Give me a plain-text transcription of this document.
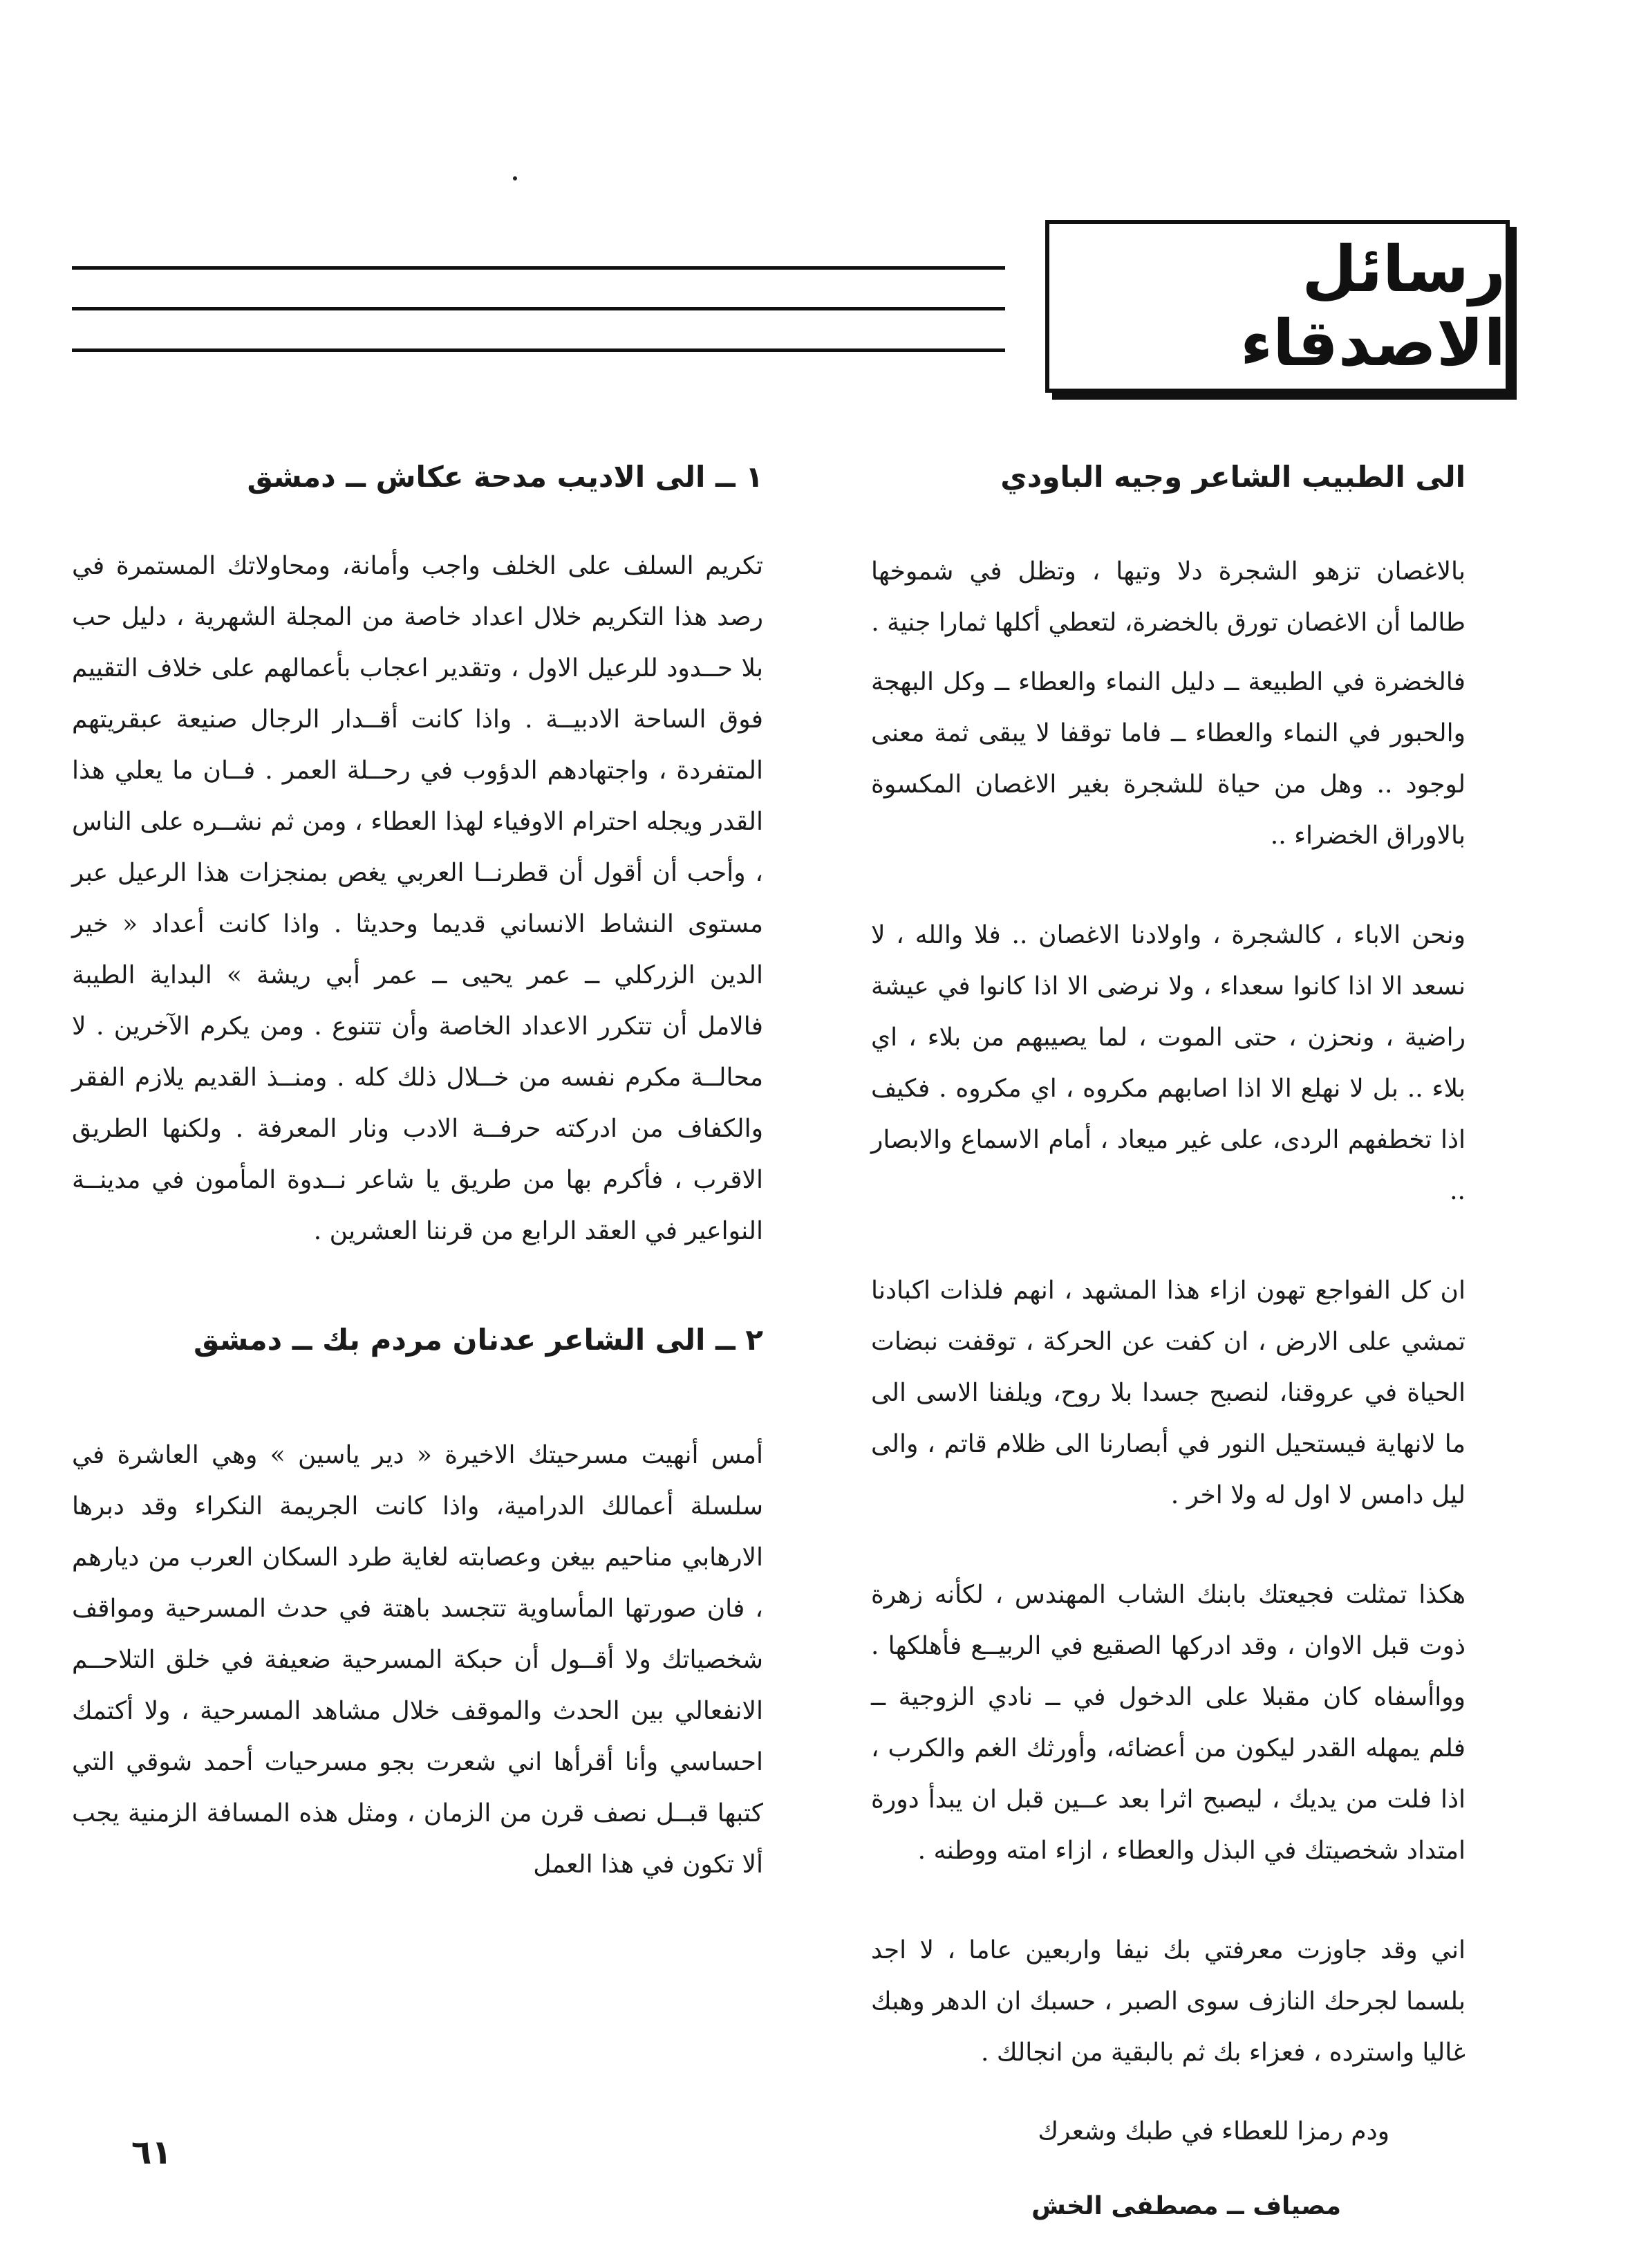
رسائل الاصدقاء
الى الطبيب الشاعر وجيه الباودي

بالاغصان تزهو الشجرة دلا وتيها ، وتظل في شموخها طالما أن الاغصان تورق بالخضرة، لتعطي أكلها ثمارا جنية .

فالخضرة في الطبيعة ــ دليل النماء والعطاء ــ وكل البهجة والحبور في النماء والعطاء ــ فاما توقفا لا يبقى ثمة معنى لوجود .. وهل من حياة للشجرة بغير الاغصان المكسوة بالاوراق الخضراء ..

ونحن الاباء ، كالشجرة ، واولادنا الاغصان .. فلا والله ، لا نسعد الا اذا كانوا سعداء ، ولا نرضى الا اذا كانوا في عيشة راضية ، ونحزن ، حتى الموت ، لما يصيبهم من بلاء ، اي بلاء .. بل لا نهلع الا اذا اصابهم مكروه ، اي مكروه . فكيف اذا تخطفهم الردى، على غير ميعاد ، أمام الاسماع والابصار ..

ان كل الفواجع تهون ازاء هذا المشهد ، انهم فلذات اكبادنا تمشي على الارض ، ان كفت عن الحركة ، توقفت نبضات الحياة في عروقنا، لنصبح جسدا بلا روح، ويلفنا الاسى الى ما لانهاية فيستحيل النور في أبصارنا الى ظلام قاتم ، والى ليل دامس لا اول له ولا اخر .

هكذا تمثلت فجيعتك بابنك الشاب المهندس ، لكأنه زهرة ذوت قبل الاوان ، وقد ادركها الصقيع في الربيــع فأهلكها . وواأسفاه كان مقبلا على الدخول في ــ نادي الزوجية ــ فلم يمهله القدر ليكون من أعضائه، وأورثك الغم والكرب ، اذا فلت من يديك ، ليصبح اثرا بعد عــين قبل ان يبدأ دورة امتداد شخصيتك في البذل والعطاء ، ازاء امته ووطنه .

اني وقد جاوزت معرفتي بك نيفا واربعين عاما ، لا اجد بلسما لجرحك النازف سوى الصبر ، حسبك ان الدهر وهبك غاليا واسترده ، فعزاء بك ثم بالبقية من انجالك .

ودم رمزا للعطاء في طبك وشعرك

مصياف ــ مصطفى الخش

١ ــ الى الاديب مدحة عكاش ــ دمشق

تكريم السلف على الخلف واجب وأمانة، ومحاولاتك المستمرة في رصد هذا التكريم خلال اعداد خاصة من المجلة الشهرية ، دليل حب بلا حــدود للرعيل الاول ، وتقدير اعجاب بأعمالهم على خلاف التقييم فوق الساحة الادبيــة . واذا كانت أقــدار الرجال صنيعة عبقريتهم المتفردة ، واجتهادهم الدؤوب في رحــلة العمر . فــان ما يعلي هذا القدر ويجله احترام الاوفياء لهذا العطاء ، ومن ثم نشــره على الناس ، وأحب أن أقول أن قطرنــا العربي يغص بمنجزات هذا الرعيل عبر مستوى النشاط الانساني قديما وحديثا . واذا كانت أعداد « خير الدين الزركلي ــ عمر يحيى ــ عمر أبي ريشة » البداية الطيبة فالامل أن تتكرر الاعداد الخاصة وأن تتنوع . ومن يكرم الآخرين . لا محالــة مكرم نفسه من خــلال ذلك كله . ومنــذ القديم يلازم الفقر والكفاف من ادركته حرفــة الادب ونار المعرفة . ولكنها الطريق الاقرب ، فأكرم بها من طريق يا شاعر نــدوة المأمون في مدينــة النواعير في العقد الرابع من قرننا العشرين .

٢ ــ الى الشاعر عدنان مردم بك ــ دمشق

أمس أنهيت مسرحيتك الاخيرة « دير ياسين » وهي العاشرة في سلسلة أعمالك الدرامية، واذا كانت الجريمة النكراء وقد دبرها الارهابي مناحيم بيغن وعصابته لغاية طرد السكان العرب من ديارهم ، فان صورتها المأساوية تتجسد باهتة في حدث المسرحية ومواقف شخصياتك ولا أقــول أن حبكة المسرحية ضعيفة في خلق التلاحــم الانفعالي بين الحدث والموقف خلال مشاهد المسرحية ، ولا أكتمك احساسي وأنا أقرأها اني شعرت بجو مسرحيات أحمد شوقي التي كتبها قبــل نصف قرن من الزمان ، ومثل هذه المسافة الزمنية يجب ألا تكون في هذا العمل

٦١
